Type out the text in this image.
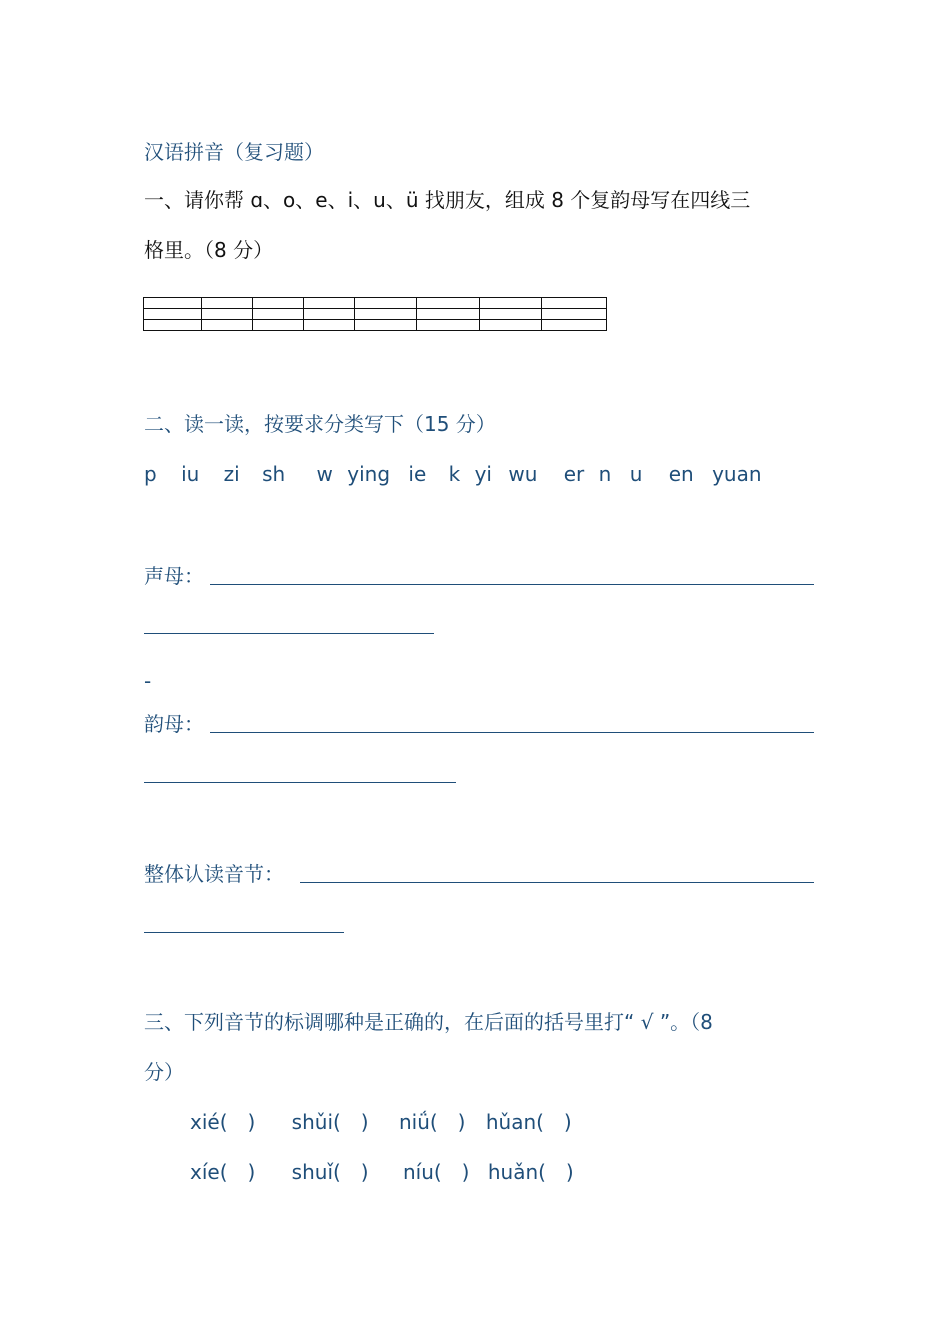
汉语拼音（复习题）
一、请你帮 ɑ、o、e、i、u、ü 找朋友，组成 8 个复韵母写在四线三
格里。（8 分）

二、读一读，按要求分类写下（15 分）
p iu zi sh w ying ie k yi wu er n u en yuan
声母：
-
韵母：
整体认读音节：
三、下列音节的标调哪种是正确的，在后面的括号里打“ √ ”。（8
分）
xié(　) shǔi(　) niǘ(　) hǔan(　)
xíe(　) shuǐ(　) níu(　) huǎn(　)
